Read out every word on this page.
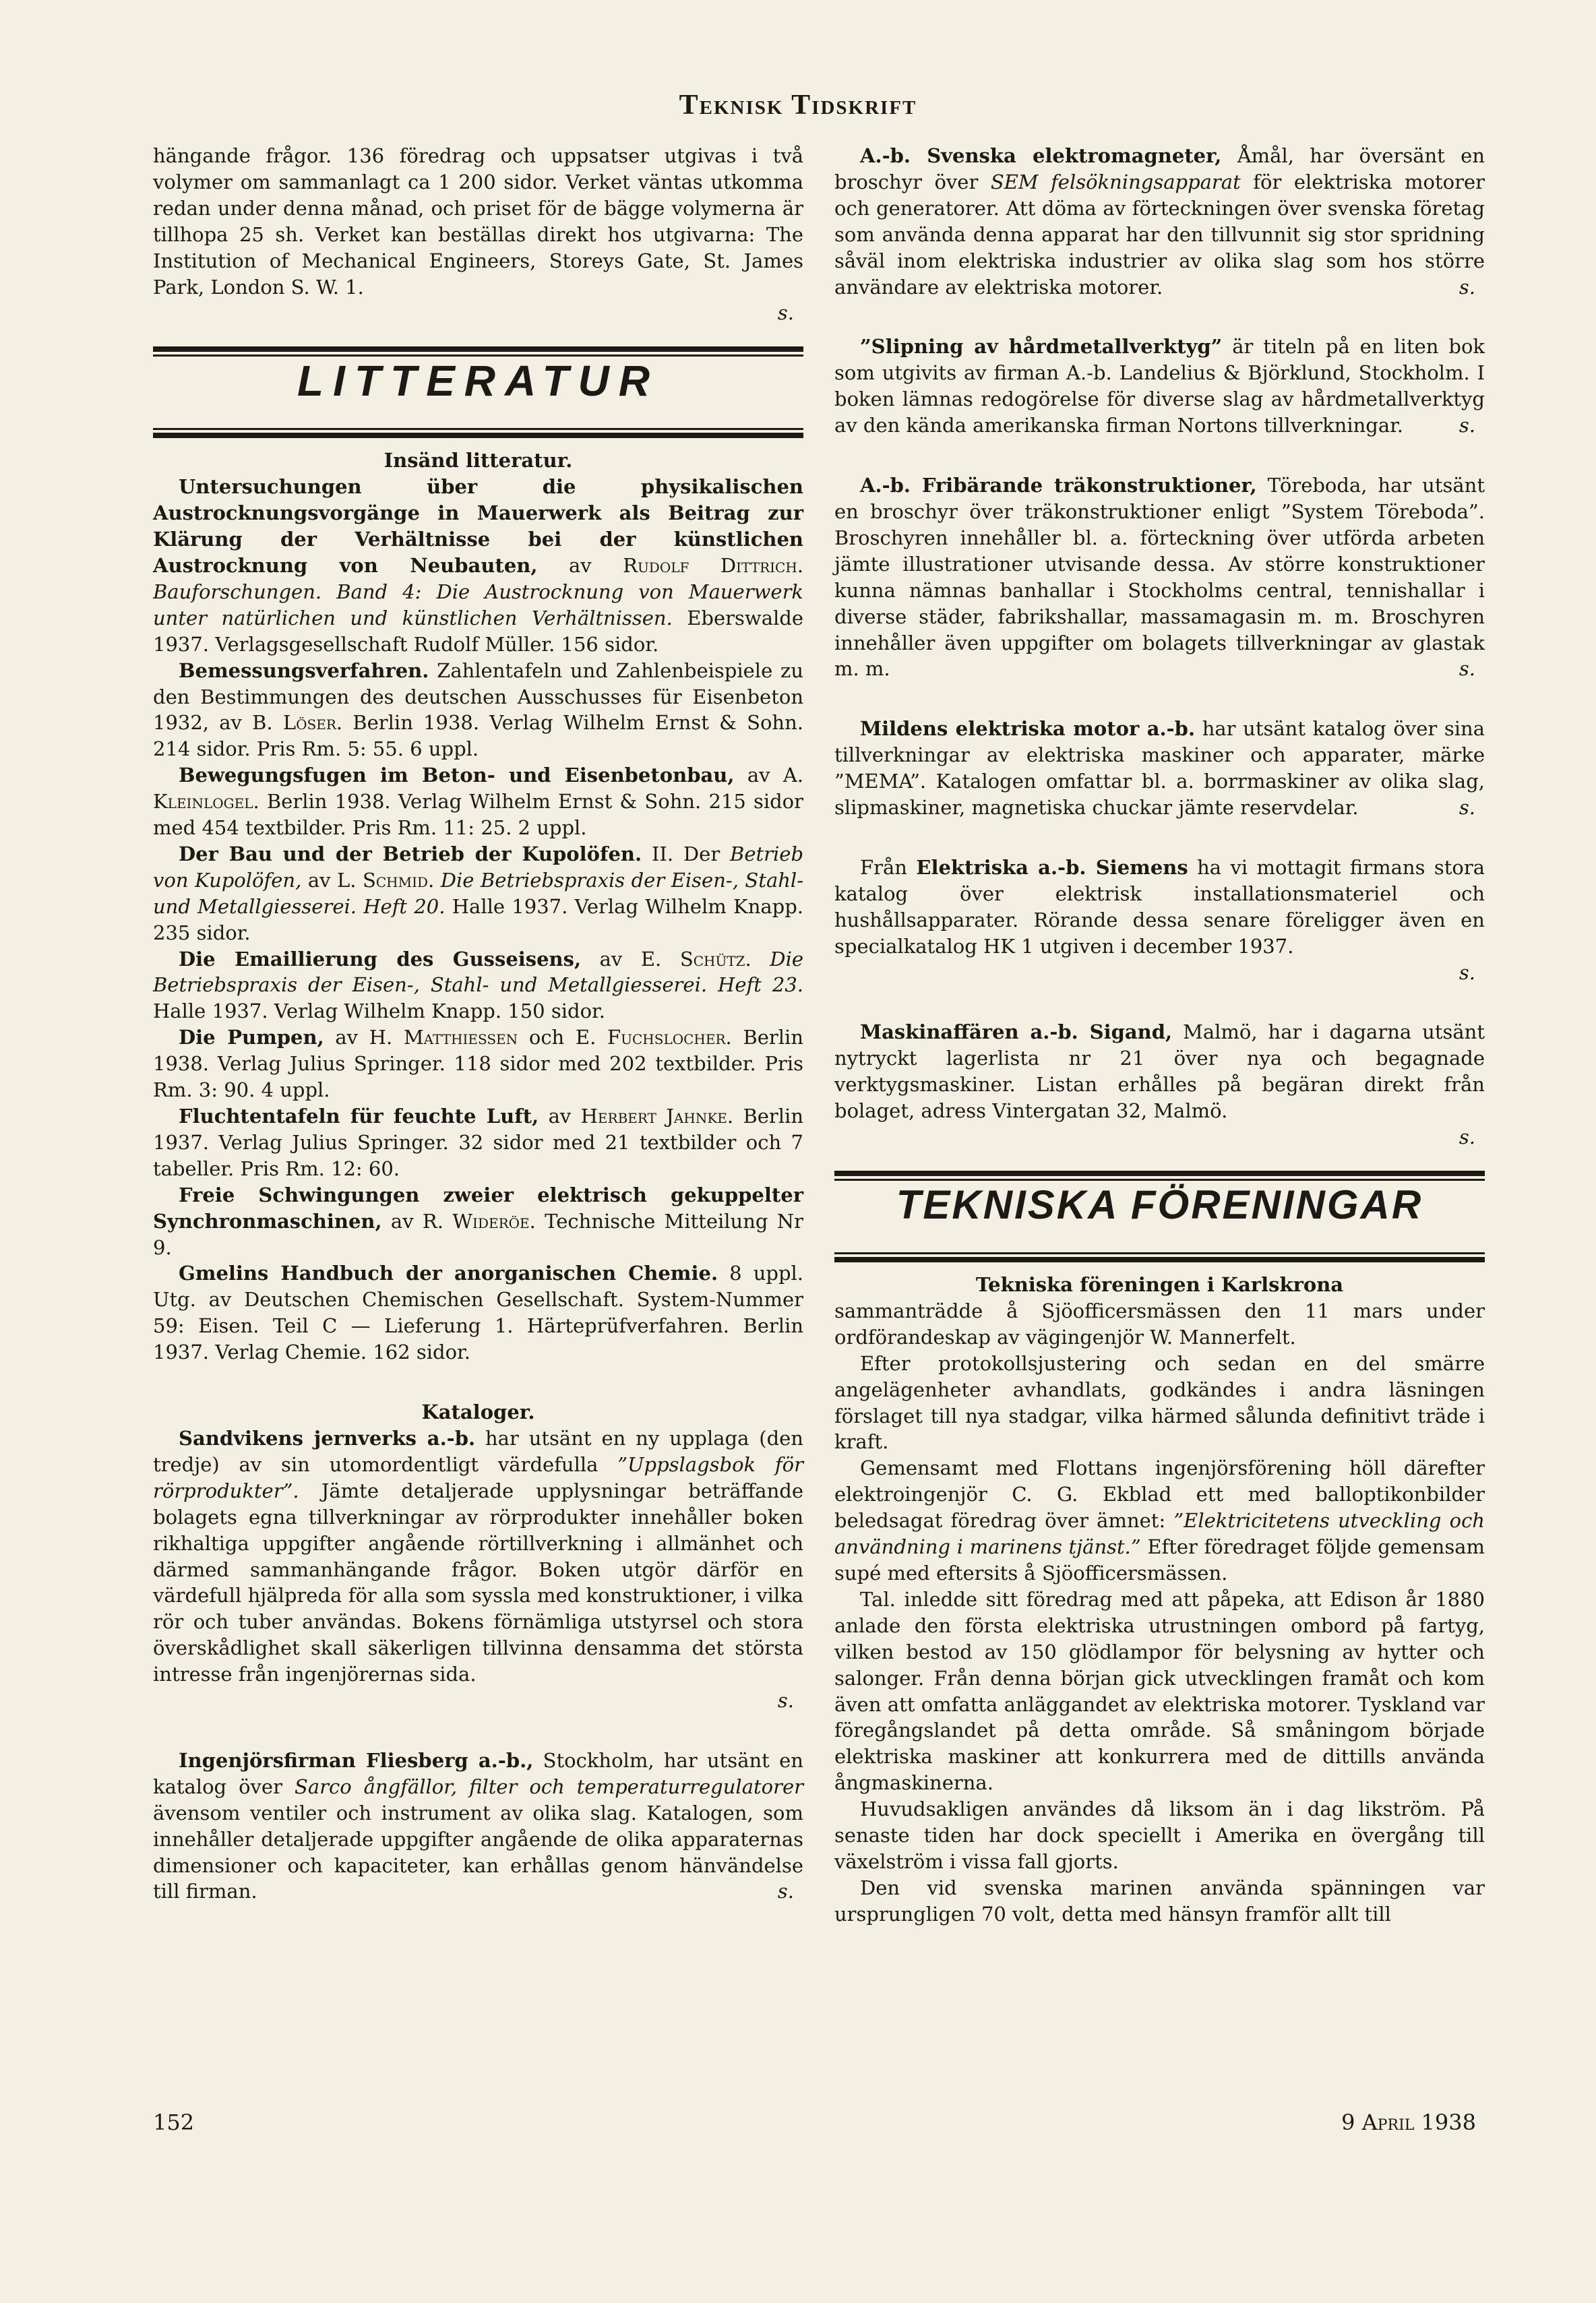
Teknisk Tidskrift

hängande frågor. 136 föredrag och uppsatser utgivas i två volymer om sammanlagt ca 1 200 sidor. Verket väntas utkomma redan under denna månad, och priset för de bägge volymerna är tillhopa 25 sh. Verket kan beställas direkt hos utgivarna: The Institution of Mechanical Engineers, Storeys Gate, St. James Park, London S. W. 1.

s.
LITTERATUR

Insänd litteratur.

Untersuchungen über die physikalischen Austrocknungsvorgänge in Mauerwerk als Beitrag zur Klärung der Verhältnisse bei der künstlichen Austrocknung von Neubauten, av Rudolf Dittrich. Bauforschungen. Band 4: Die Austrocknung von Mauerwerk unter natürlichen und künstlichen Verhältnissen. Eberswalde 1937. Verlagsgesellschaft Rudolf Müller. 156 sidor.

Bemessungsverfahren. Zahlentafeln und Zahlenbeispiele zu den Bestimmungen des deutschen Ausschusses für Eisenbeton 1932, av B. Löser. Berlin 1938. Verlag Wilhelm Ernst & Sohn. 214 sidor. Pris Rm. 5: 55. 6 uppl.

Bewegungsfugen im Beton- und Eisenbetonbau, av A. Kleinlogel. Berlin 1938. Verlag Wilhelm Ernst & Sohn. 215 sidor med 454 textbilder. Pris Rm. 11: 25. 2 uppl.

Der Bau und der Betrieb der Kupolöfen. II. Der Betrieb von Kupolöfen, av L. Schmid. Die Betriebspraxis der Eisen-, Stahl- und Metallgiesserei. Heft 20. Halle 1937. Verlag Wilhelm Knapp. 235 sidor.

Die Emaillierung des Gusseisens, av E. Schütz. Die Betriebspraxis der Eisen-, Stahl- und Metallgiesserei. Heft 23. Halle 1937. Verlag Wilhelm Knapp. 150 sidor.

Die Pumpen, av H. Matthiessen och E. Fuchslocher. Berlin 1938. Verlag Julius Springer. 118 sidor med 202 textbilder. Pris Rm. 3: 90. 4 uppl.

Fluchtentafeln für feuchte Luft, av Herbert Jahnke. Berlin 1937. Verlag Julius Springer. 32 sidor med 21 textbilder och 7 tabeller. Pris Rm. 12: 60.

Freie Schwingungen zweier elektrisch gekuppelter Synchronmaschinen, av R. Wideröe. Technische Mitteilung Nr 9.

Gmelins Handbuch der anorganischen Chemie. 8 uppl. Utg. av Deutschen Chemischen Gesellschaft. System-Nummer 59: Eisen. Teil C — Lieferung 1. Härteprüfverfahren. Berlin 1937. Verlag Chemie. 162 sidor.

Kataloger.

Sandvikens jernverks a.-b. har utsänt en ny upplaga (den tredje) av sin utomordentligt värdefulla ”Uppslagsbok för rörprodukter”. Jämte detaljerade upplysningar beträffande bolagets egna tillverkningar av rörprodukter innehåller boken rikhaltiga uppgifter angående rörtillverkning i allmänhet och därmed sammanhängande frågor. Boken utgör därför en värdefull hjälpreda för alla som syssla med konstruktioner, i vilka rör och tuber användas. Bokens förnämliga utstyrsel och stora överskådlighet skall säkerligen tillvinna densamma det största intresse från ingenjörernas sida.

s.

Ingenjörsfirman Fliesberg a.-b., Stockholm, har utsänt en katalog över Sarco ångfällor, filter och temperaturregulatorer ävensom ventiler och instrument av olika slag. Katalogen, som innehåller detaljerade uppgifter angående de olika apparaternas dimensioner och kapaciteter, kan erhållas genom hänvändelse till firman.	s.

A.-b. Svenska elektromagneter, Åmål, har översänt en broschyr över SEM felsökningsapparat för elektriska motorer och generatorer. Att döma av förteckningen över svenska företag som använda denna apparat har den tillvunnit sig stor spridning såväl inom elektriska industrier av olika slag som hos större användare av elektriska motorer.	s.

”Slipning av hårdmetallverktyg” är titeln på en liten bok som utgivits av firman A.-b. Landelius & Björklund, Stockholm. I boken lämnas redogörelse för diverse slag av hårdmetallverktyg av den kända amerikanska firman Nortons tillverkningar.	s.

A.-b. Fribärande träkonstruktioner, Töreboda, har utsänt en broschyr över träkonstruktioner enligt ”System Töreboda”. Broschyren innehåller bl. a. förteckning över utförda arbeten jämte illustrationer utvisande dessa. Av större konstruktioner kunna nämnas banhallar i Stockholms central, tennishallar i diverse städer, fabrikshallar, massamagasin m. m. Broschyren innehåller även uppgifter om bolagets tillverkningar av glastak m. m.	s.

Mildens elektriska motor a.-b. har utsänt katalog över sina tillverkningar av elektriska maskiner och apparater, märke ”MEMA”. Katalogen omfattar bl. a. borrmaskiner av olika slag, slipmaskiner, magnetiska chuckar jämte reservdelar.	s.

Från Elektriska a.-b. Siemens ha vi mottagit firmans stora katalog över elektrisk installationsmateriel och hushållsapparater. Rörande dessa senare föreligger även en specialkatalog HK 1 utgiven i december 1937.

s.

Maskinaffären a.-b. Sigand, Malmö, har i dagarna utsänt nytryckt lagerlista nr 21 över nya och begagnade verktygsmaskiner. Listan erhålles på begäran direkt från bolaget, adress Vintergatan 32, Malmö.

s.
TEKNISKA FÖRENINGAR

Tekniska föreningen i Karlskrona

sammanträdde å Sjöofficersmässen den 11 mars under ordförandeskap av vägingenjör W. Mannerfelt.

Efter protokollsjustering och sedan en del smärre angelägenheter avhandlats, godkändes i andra läsningen förslaget till nya stadgar, vilka härmed sålunda definitivt träde i kraft.

Gemensamt med Flottans ingenjörsförening höll därefter elektroingenjör C. G. Ekblad ett med balloptikonbilder beledsagat föredrag över ämnet: ”Elektricitetens utveckling och användning i marinens tjänst.” Efter föredraget följde gemensam supé med eftersits å Sjöofficersmässen.

Tal. inledde sitt föredrag med att påpeka, att Edison år 1880 anlade den första elektriska utrustningen ombord på fartyg, vilken bestod av 150 glödlampor för belysning av hytter och salonger. Från denna början gick utvecklingen framåt och kom även att omfatta anläggandet av elektriska motorer. Tyskland var föregångslandet på detta område. Så småningom började elektriska maskiner att konkurrera med de dittills använda ångmaskinerna.

Huvudsakligen användes då liksom än i dag likström. På senaste tiden har dock speciellt i Amerika en övergång till växelström i vissa fall gjorts.

Den vid svenska marinen använda spänningen var ursprungligen 70 volt, detta med hänsyn framför allt till

152	9 April 1938
